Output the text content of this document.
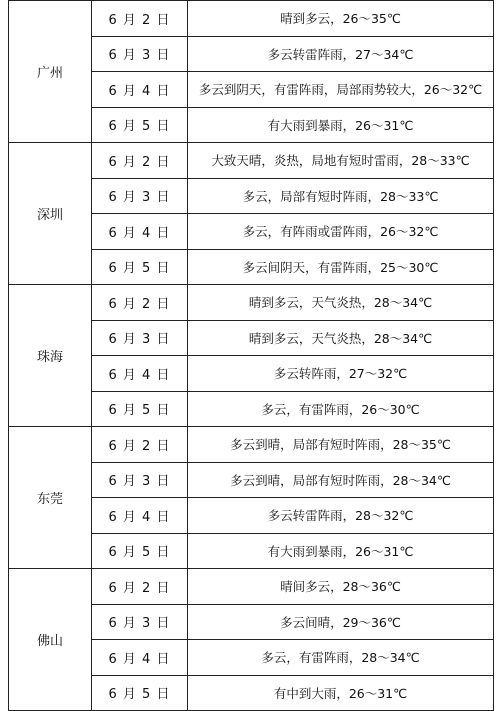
广州	6 月 2 日	晴到多云，26～35℃
	6 月 3 日	多云转雷阵雨，27～34℃
	6 月 4 日	多云到阴天，有雷阵雨，局部雨势较大，26～32℃
	6 月 5 日	有大雨到暴雨，26～31℃
深圳	6 月 2 日	大致天晴，炎热，局地有短时雷雨，28～33℃
	6 月 3 日	多云，局部有短时阵雨，28～33℃
	6 月 4 日	多云，有阵雨或雷阵雨，26～32℃
	6 月 5 日	多云间阴天，有雷阵雨，25～30℃
珠海	6 月 2 日	晴到多云，天气炎热，28～34℃
	6 月 3 日	晴到多云，天气炎热，28～34℃
	6 月 4 日	多云转阵雨，27～32℃
	6 月 5 日	多云，有雷阵雨，26～30℃
东莞	6 月 2 日	多云到晴，局部有短时阵雨，28～35℃
	6 月 3 日	多云到晴，局部有短时阵雨，28～34℃
	6 月 4 日	多云转雷阵雨，28～32℃
	6 月 5 日	有大雨到暴雨，26～31℃
佛山	6 月 2 日	晴间多云，28～36℃
	6 月 3 日	多云间晴，29～36℃
	6 月 4 日	多云，有雷阵雨，28～34℃
	6 月 5 日	有中到大雨，26～31℃
